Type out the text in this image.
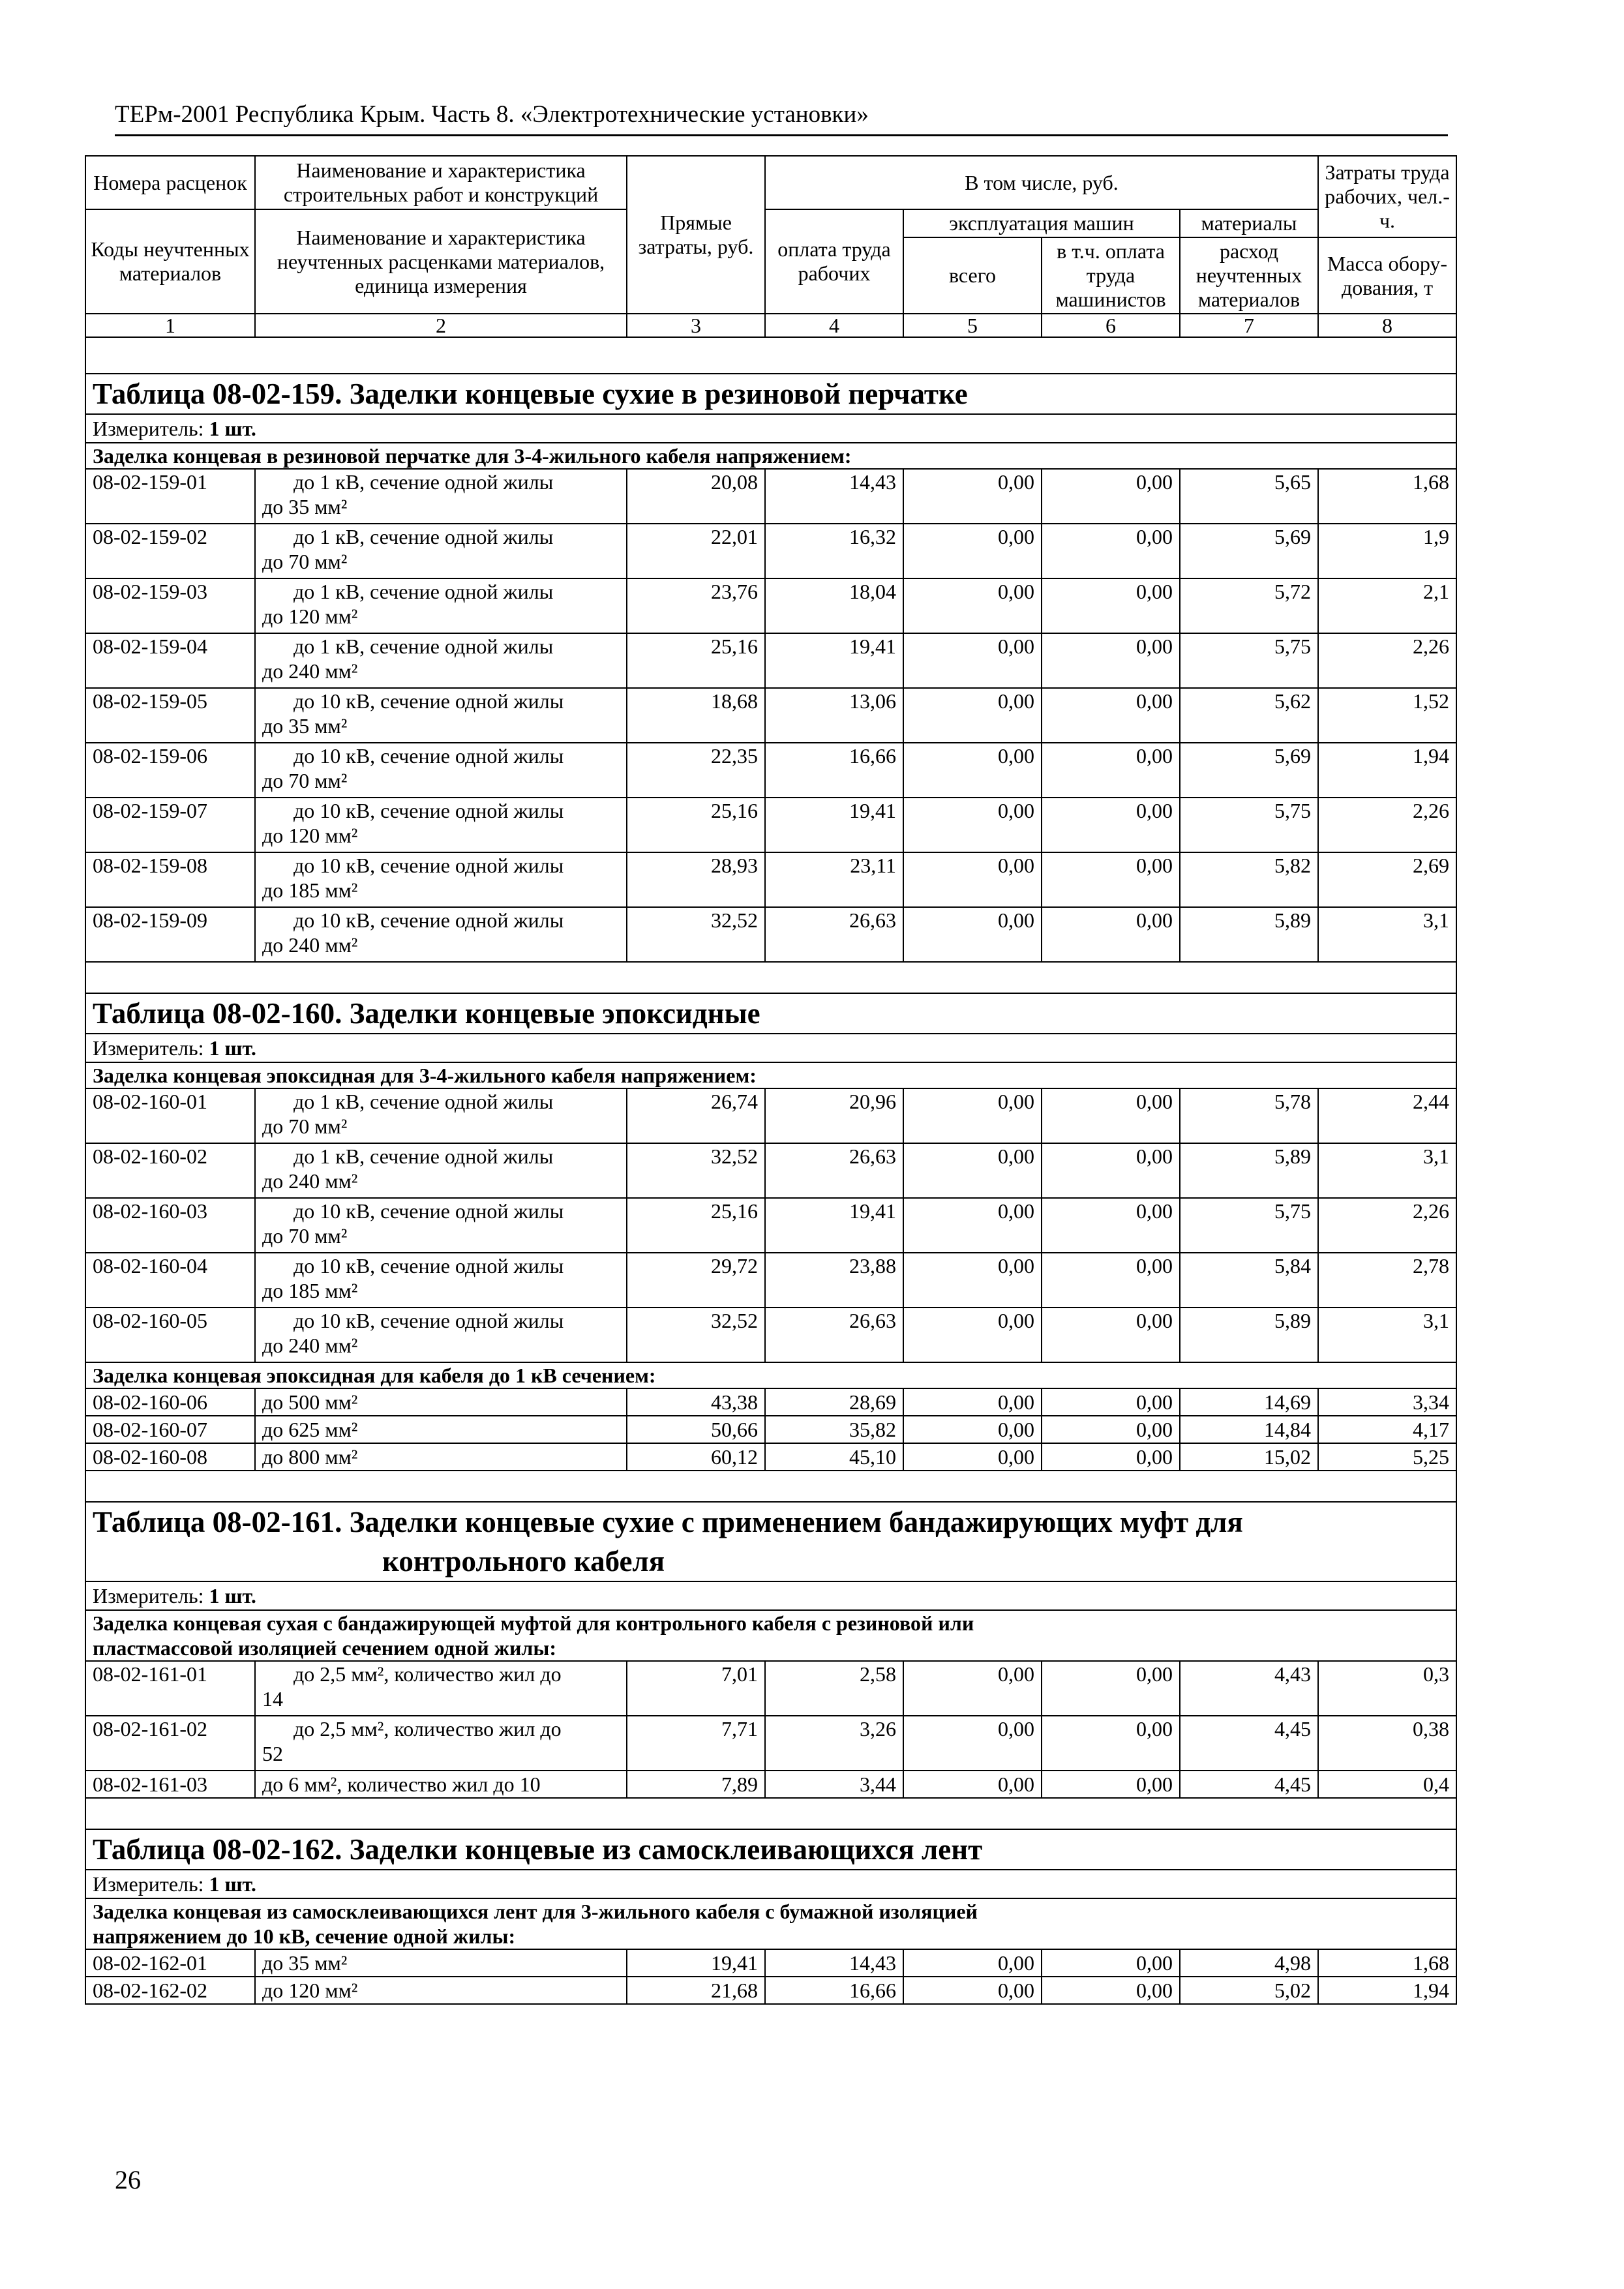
ТЕРм-2001 Республика Крым. Часть 8. «Электротехнические установки»
Номера расценок	Наименование и характеристика строительных работ и конструкций	Прямые затраты, руб.	В том числе, руб.				Затраты труда рабочих, чел.-ч.
Коды неучтенных материалов	Наименование и характеристика неучтенных расценками материалов, единица измерения		оплата труда рабочих	эксплуатация машин		материалы	
				всего	в т.ч. оплата труда машинистов	расход неучтенных материалов	
							Масса обору-дования, т
1	2	3	4	5	6	7	8

Таблица 08-02-159. Заделки концевые сухие в резиновой перчатке							
Измеритель: 1 шт.							

Заделка концевая в резиновой перчатке для 3-4-жильного кабеля напряжением:							

08-02-159-01	до 1 кВ, сечение одной жилы
до 35 мм²	20,08	14,43	0,00	0,00	5,65	1,68
08-02-159-02	до 1 кВ, сечение одной жилы
до 70 мм²	22,01	16,32	0,00	0,00	5,69	1,9
08-02-159-03	до 1 кВ, сечение одной жилы
до 120 мм²	23,76	18,04	0,00	0,00	5,72	2,1
08-02-159-04	до 1 кВ, сечение одной жилы
до 240 мм²	25,16	19,41	0,00	0,00	5,75	2,26
08-02-159-05	до 10 кВ, сечение одной жилы
до 35 мм²	18,68	13,06	0,00	0,00	5,62	1,52
08-02-159-06	до 10 кВ, сечение одной жилы
до 70 мм²	22,35	16,66	0,00	0,00	5,69	1,94
08-02-159-07	до 10 кВ, сечение одной жилы
до 120 мм²	25,16	19,41	0,00	0,00	5,75	2,26
08-02-159-08	до 10 кВ, сечение одной жилы
до 185 мм²	28,93	23,11	0,00	0,00	5,82	2,69
08-02-159-09	до 10 кВ, сечение одной жилы
до 240 мм²	32,52	26,63	0,00	0,00	5,89	3,1

Таблица 08-02-160. Заделки концевые эпоксидные							
Измеритель: 1 шт.							

Заделка концевая эпоксидная для 3-4-жильного кабеля напряжением:							

08-02-160-01	до 1 кВ, сечение одной жилы
до 70 мм²	26,74	20,96	0,00	0,00	5,78	2,44
08-02-160-02	до 1 кВ, сечение одной жилы
до 240 мм²	32,52	26,63	0,00	0,00	5,89	3,1
08-02-160-03	до 10 кВ, сечение одной жилы
до 70 мм²	25,16	19,41	0,00	0,00	5,75	2,26
08-02-160-04	до 10 кВ, сечение одной жилы
до 185 мм²	29,72	23,88	0,00	0,00	5,84	2,78
08-02-160-05	до 10 кВ, сечение одной жилы
до 240 мм²	32,52	26,63	0,00	0,00	5,89	3,1

Заделка концевая эпоксидная для кабеля до 1 кВ сечением:							

08-02-160-06	до 500 мм²	43,38	28,69	0,00	0,00	14,69	3,34
08-02-160-07	до 625 мм²	50,66	35,82	0,00	0,00	14,84	4,17
08-02-160-08	до 800 мм²	60,12	45,10	0,00	0,00	15,02	5,25

Таблица 08-02-161. Заделки концевые сухие с применением бандажирующих муфт для
контрольного кабеля							

Измеритель: 1 шт.							

Заделка концевая сухая с бандажирующей муфтой для контрольного кабеля с резиновой или
пластмассовой изоляцией сечением одной жилы:							

08-02-161-01	до 2,5 мм², количество жил до
14	7,01	2,58	0,00	0,00	4,43	0,3
08-02-161-02	до 2,5 мм², количество жил до
52	7,71	3,26	0,00	0,00	4,45	0,38
08-02-161-03	до 6 мм², количество жил до 10	7,89	3,44	0,00	0,00	4,45	0,4

Таблица 08-02-162. Заделки концевые из самосклеивающихся лент							
Измеритель: 1 шт.							

Заделка концевая из самосклеивающихся лент для 3-жильного кабеля с бумажной изоляцией
напряжением до 10 кВ, сечение одной жилы:							

08-02-162-01	до 35 мм²	19,41	14,43	0,00	0,00	4,98	1,68
08-02-162-02	до 120 мм²	21,68	16,66	0,00	0,00	5,02	1,94
26
